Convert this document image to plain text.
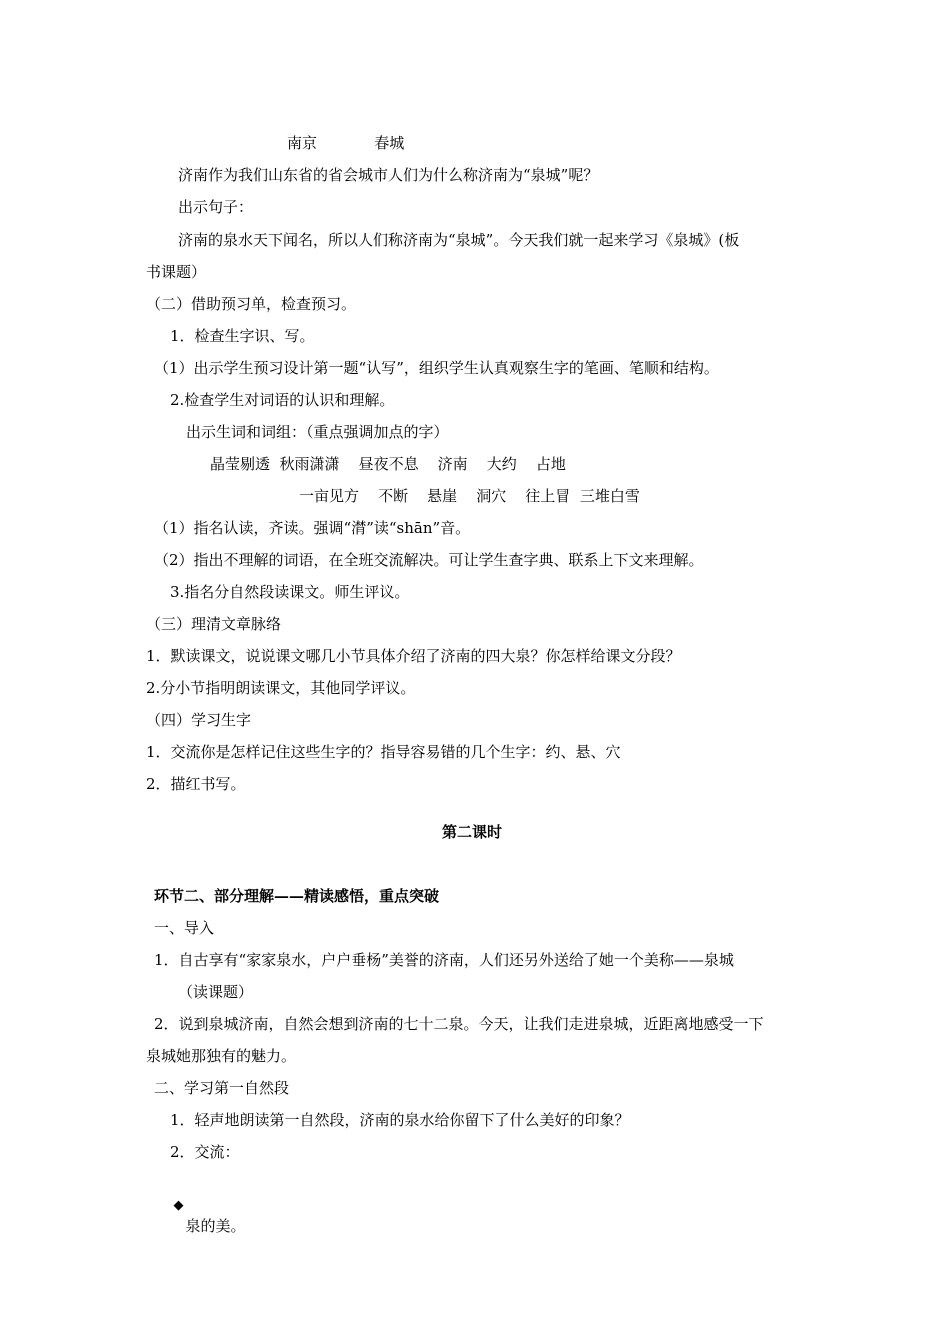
南京            春城
济南作为我们山东省的省会城市人们为什么称济南为“泉城”呢？
出示句子：
济南的泉水天下闻名，所以人们称济南为“泉城”。今天我们就一起来学习《泉城》(板
书课题）
（二）借助预习单，检查预习。
1．检查生字识、写。
（1）出示学生预习设计第一题“认写”，组织学生认真观察生字的笔画、笔顺和结构。
2.检查学生对词语的认识和理解。
出示生词和词组：（重点强调加点的字）
晶莹剔透  秋雨潇潇    昼夜不息    济南    大约    占地
一亩见方    不断    悬崖    洞穴    往上冒  三堆白雪
（1）指名认读，齐读。强调“潸”读“shān”音。
（2）指出不理解的词语，在全班交流解决。可让学生查字典、联系上下文来理解。
3.指名分自然段读课文。师生评议。
（三）理清文章脉络
1．默读课文，说说课文哪几小节具体介绍了济南的四大泉？你怎样给课文分段？
2.分小节指明朗读课文，其他同学评议。
（四）学习生字
1．交流你是怎样记住这些生字的？指导容易错的几个生字：约、悬、穴
2．描红书写。
第二课时
环节二、部分理解——精读感悟，重点突破
一、导入
1．自古享有“家家泉水，户户垂杨”美誉的济南，人们还另外送给了她一个美称——泉城
（读课题）
2．说到泉城济南，自然会想到济南的七十二泉。今天，让我们走进泉城，近距离地感受一下
泉城她那独有的魅力。
二、学习第一自然段
1．轻声地朗读第一自然段，济南的泉水给你留下了什么美好的印象？
2．交流：

◆
泉的美。
